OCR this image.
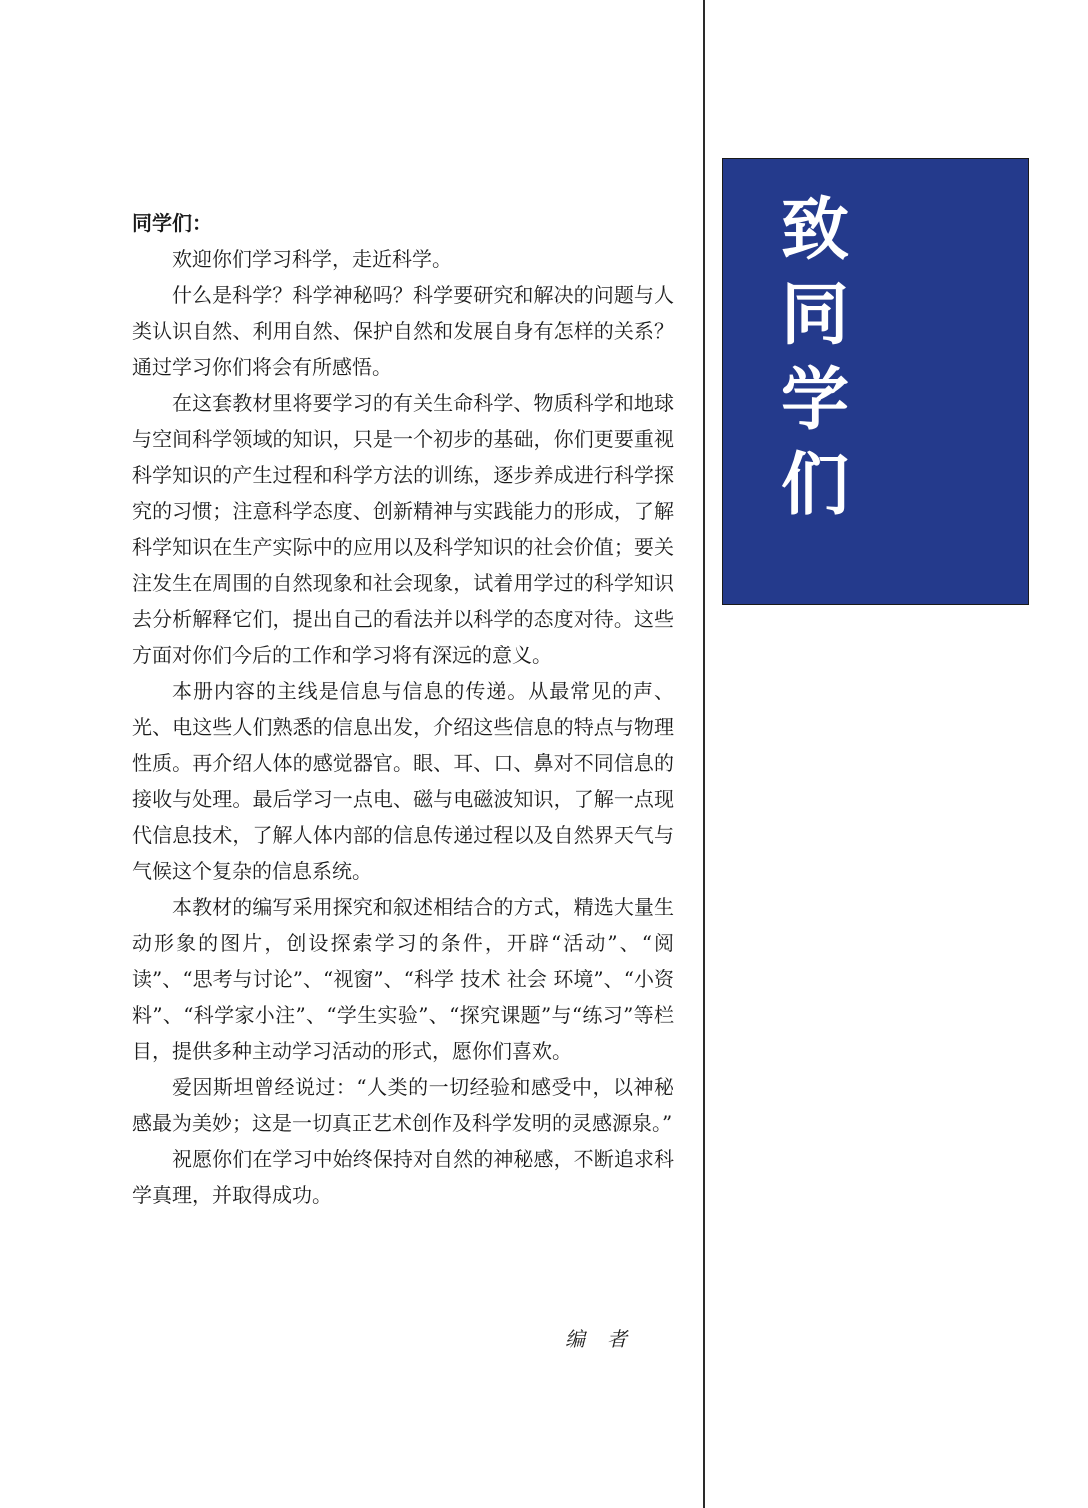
同学们：

欢迎你们学习科学，走近科学。

什么是科学？科学神秘吗？科学要研究和解决的问题与人类认识自然、利用自然、保护自然和发展自身有怎样的关系？通过学习你们将会有所感悟。

在这套教材里将要学习的有关生命科学、物质科学和地球与空间科学领域的知识，只是一个初步的基础，你们更要重视科学知识的产生过程和科学方法的训练，逐步养成进行科学探究的习惯；注意科学态度、创新精神与实践能力的形成，了解科学知识在生产实际中的应用以及科学知识的社会价值；要关注发生在周围的自然现象和社会现象，试着用学过的科学知识去分析解释它们，提出自己的看法并以科学的态度对待。这些方面对你们今后的工作和学习将有深远的意义。

本册内容的主线是信息与信息的传递。从最常见的声、光、电这些人们熟悉的信息出发，介绍这些信息的特点与物理性质。再介绍人体的感觉器官。眼、耳、口、鼻对不同信息的接收与处理。最后学习一点电、磁与电磁波知识，了解一点现代信息技术，了解人体内部的信息传递过程以及自然界天气与气候这个复杂的信息系统。

本教材的编写采用探究和叙述相结合的方式，精选大量生动形象的图片，创设探索学习的条件，开辟“活动”、“阅读”、“思考与讨论”、“视窗”、“科学 技术 社会 环境”、“小资料”、“科学家小注”、“学生实验”、“探究课题”与“练习”等栏目，提供多种主动学习活动的形式，愿你们喜欢。

爱因斯坦曾经说过：“人类的一切经验和感受中，以神秘感最为美妙；这是一切真正艺术创作及科学发明的灵感源泉。”

祝愿你们在学习中始终保持对自然的神秘感，不断追求科学真理，并取得成功。

编者
致
同
学
们
